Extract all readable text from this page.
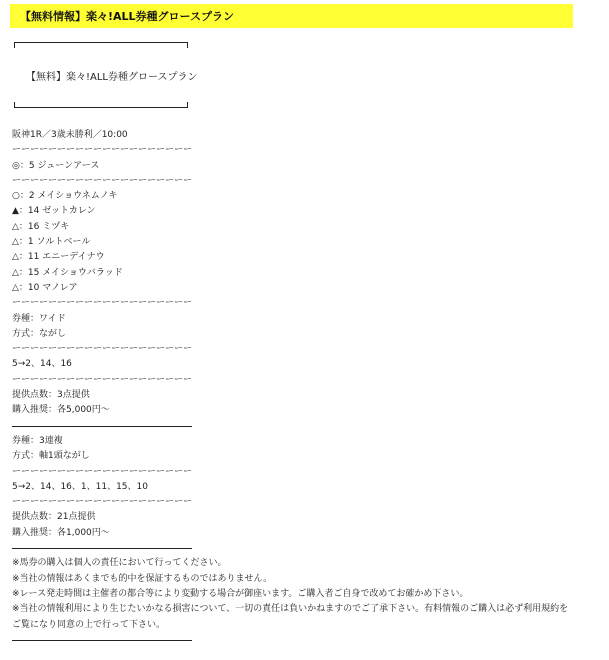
【無料情報】楽々!ALL券種グロースプラン
【無料】楽々!ALL券種グロースプラン
阪神1R／3歳未勝利／10:00
ーーーーーーーーーーーーーーーーーーーー
◎：5 ジューンアース
ーーーーーーーーーーーーーーーーーーーー
○：2 メイショウネムノキ
▲：14 ゼットカレン
△：16 ミヅキ
△：1 ソルトベール
△：11 エニーデイナウ
△：15 メイショウバラッド
△：10 マノレア
ーーーーーーーーーーーーーーーーーーーー
券種：ワイド
方式：ながし
ーーーーーーーーーーーーーーーーーーーー
5→2、14、16
ーーーーーーーーーーーーーーーーーーーー
提供点数：3点提供
購入推奨：各5,000円〜
券種：3連複
方式：軸1頭ながし
ーーーーーーーーーーーーーーーーーーーー
5→2、14、16、1、11、15、10
ーーーーーーーーーーーーーーーーーーーー
提供点数：21点提供
購入推奨：各1,000円〜
※馬券の購入は個人の責任において行ってください。
※当社の情報はあくまでも的中を保証するものではありません。
※レース発走時間は主催者の都合等により変動する場合が御座います。ご購入者ご自身で改めてお確かめ下さい。
※当社の情報利用により生じたいかなる損害について、一切の責任は負いかねますのでご了承下さい。有料情報のご購入は必ず利用規約を
ご覧になり同意の上で行って下さい。
